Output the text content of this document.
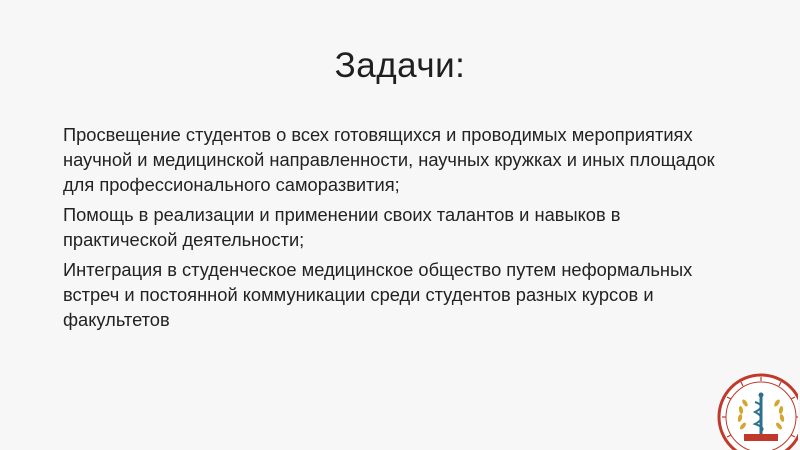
Задачи:

Просвещение студентов о всех готовящихся и проводимых мероприятиях научной и медицинской направленности, научных кружках и иных площадок для профессионального саморазвития;

Помощь в реализации и применении своих талантов и навыков в практической деятельности;

Интеграция в студенческое медицинское общество путем неформальных встреч и постоянной коммуникации среди студентов разных курсов и факультетов
